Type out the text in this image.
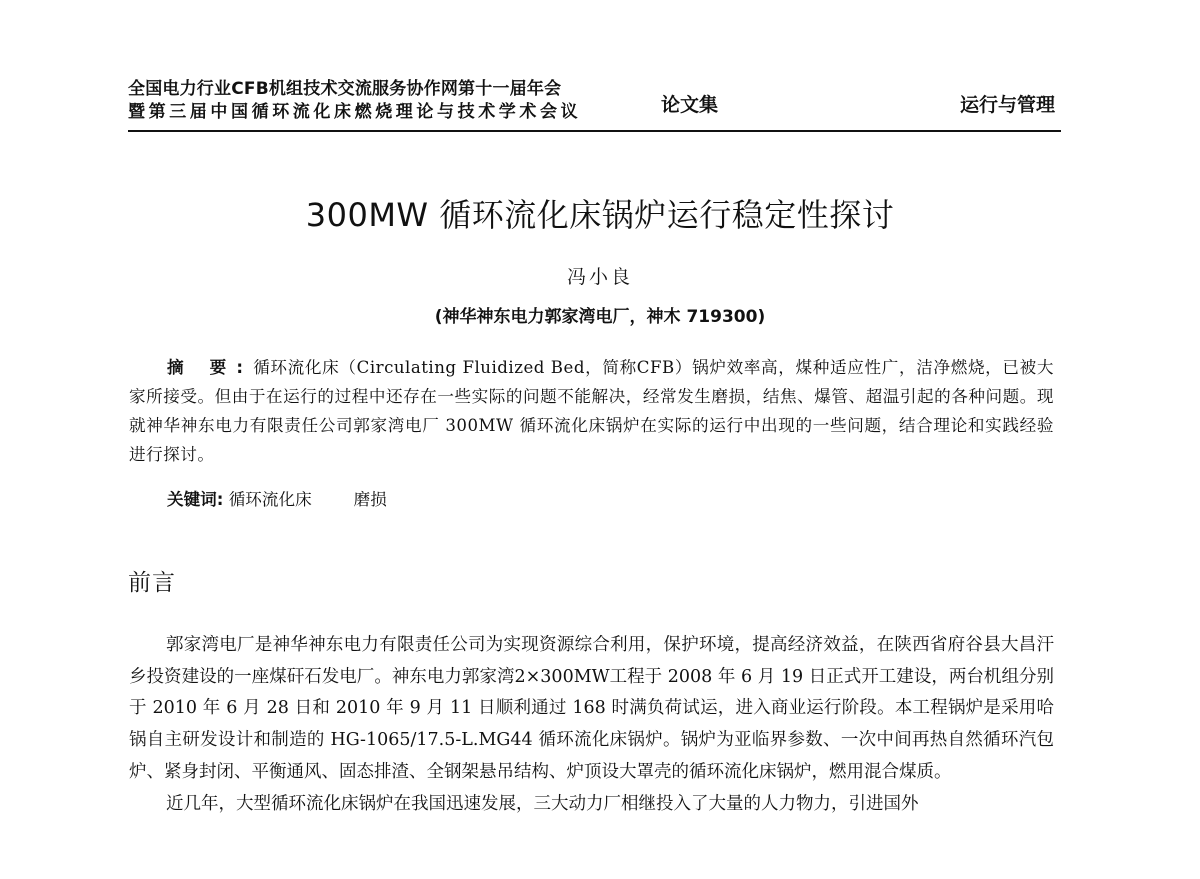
全国电力行业CFB机组技术交流服务协作网第十一届年会
暨第三届中国循环流化床燃烧理论与技术学术会议	论文集	运行与管理
300MW 循环流化床锅炉运行稳定性探讨
冯小良
(神华神东电力郭家湾电厂，神木 719300)
摘 要:循环流化床（Circulating Fluidized Bed，简称CFB）锅炉效率高，煤种适应性广，洁净燃烧，已被大家所接受。但由于在运行的过程中还存在一些实际的问题不能解决，经常发生磨损，结焦、爆管、超温引起的各种问题。现就神华神东电力有限责任公司郭家湾电厂 300MW 循环流化床锅炉在实际的运行中出现的一些问题，结合理论和实践经验进行探讨。
关键词: 循环流化床	磨损
前言

郭家湾电厂是神华神东电力有限责任公司为实现资源综合利用，保护环境，提高经济效益，在陕西省府谷县大昌汗乡投资建设的一座煤矸石发电厂。神东电力郭家湾2×300MW工程于 2008 年 6 月 19 日正式开工建设，两台机组分别于 2010 年 6 月 28 日和 2010 年 9 月 11 日顺利通过 168 时满负荷试运，进入商业运行阶段。本工程锅炉是采用哈锅自主研发设计和制造的 HG-1065/17.5-L.MG44 循环流化床锅炉。锅炉为亚临界参数、一次中间再热自然循环汽包炉、紧身封闭、平衡通风、固态排渣、全钢架悬吊结构、炉顶设大罩壳的循环流化床锅炉，燃用混合煤质。

近几年，大型循环流化床锅炉在我国迅速发展，三大动力厂相继投入了大量的人力物力，引进国外
